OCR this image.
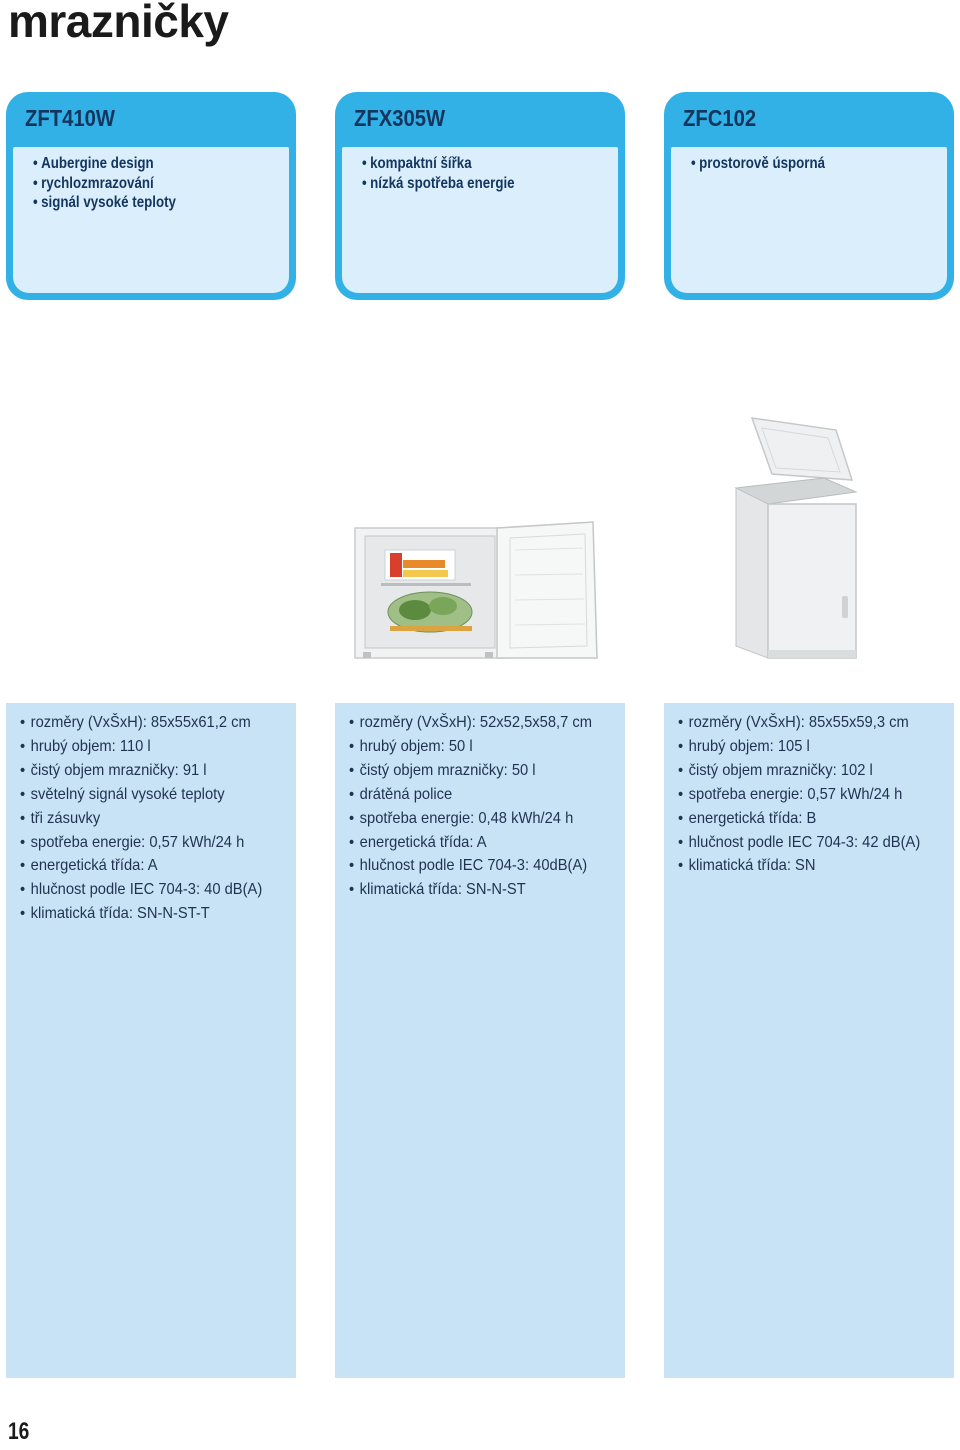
mrazničky
ZFT410W
• Aubergine design
• rychlozmrazování
• signál vysoké teploty
ZFX305W
• kompaktní šířka
• nízká spotřeba energie
ZFC102
• prostorově úsporná
• rozměry (VxŠxH): 85x55x61,2 cm
• hrubý objem: 110 l
• čistý objem mrazničky: 91 l
• světelný signál vysoké teploty
• tři zásuvky
• spotřeba energie: 0,57 kWh/24 h
• energetická třída: A
• hlučnost podle IEC 704-3: 40 dB(A)
• klimatická třída: SN-N-ST-T
• rozměry (VxŠxH): 52x52,5x58,7 cm
• hrubý objem: 50 l
• čistý objem mrazničky: 50 l
• drátěná police
• spotřeba energie: 0,48 kWh/24 h
• energetická třída: A
• hlučnost podle IEC 704-3: 40dB(A)
• klimatická třída: SN-N-ST
• rozměry (VxŠxH): 85x55x59,3 cm
• hrubý objem: 105 l
• čistý objem mrazničky: 102 l
• spotřeba energie: 0,57 kWh/24 h
• energetická třída: B
• hlučnost podle IEC 704-3: 42 dB(A)
• klimatická třída: SN
16
